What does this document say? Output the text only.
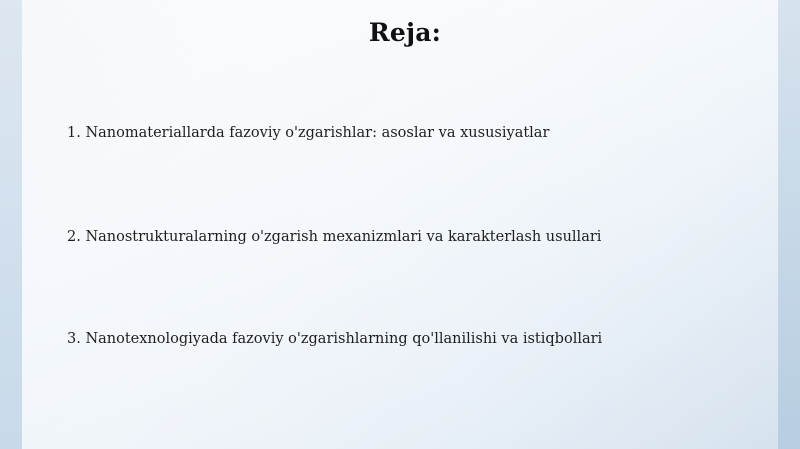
Reja:
1. Nanomateriallarda fazoviy o'zgarishlar: asoslar va xususiyatlar
2. Nanostrukturalarning o'zgarish mexanizmlari va karakterlash usullari
3. Nanotexnologiyada fazoviy o'zgarishlarning qo'llanilishi va istiqbollari
